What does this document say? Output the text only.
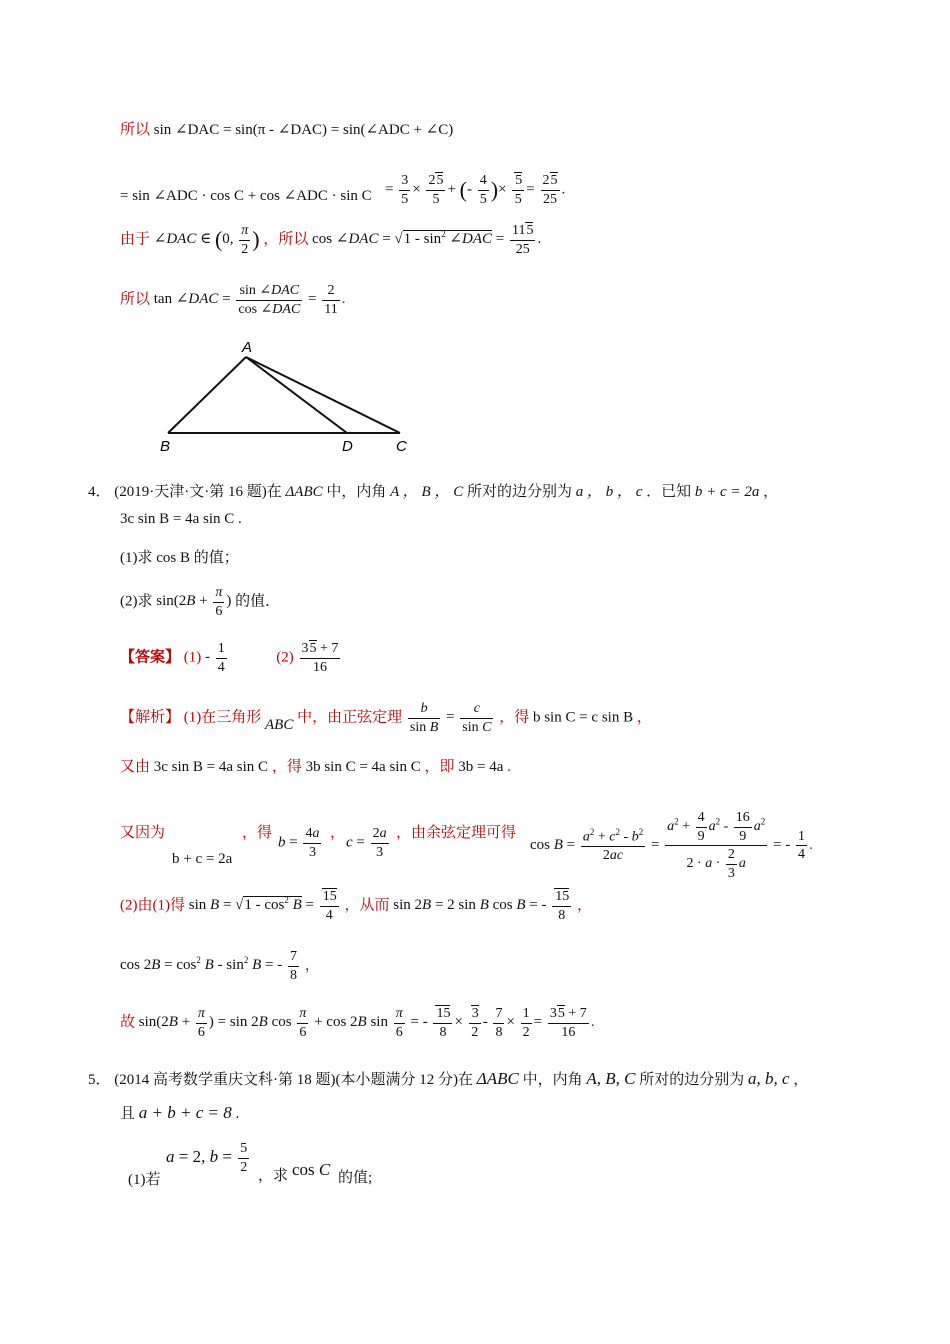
所以 sin ∠DAC = sin(π - ∠DAC) = sin(∠ADC + ∠C)
= sin ∠ADC · cos C + cos ∠ADC · $\sin C = \frac{3}{5} \times \frac{25}{5}$ + (- $\frac{4}{5}$ )× $\frac{5}{5} = \frac{25}{25}$ .
由于 ∠DAC ∈ (0, $\frac{\pi}{2}$ ) ，所以 cos ∠DAC = $√1 - \sin^2$ ∠DAC = $\frac{115}{25}$ .
所以 tan ∠DAC = $\frac{\text{sin ∠DAC}}{\text{cos ∠DAC}} = \frac{2}{11}$ .
A
B	D	C
4． (2019·天津·文·第 16 题)在 ΔABC 中，内角 A ， B ， C 所对的边分别为 a ， b ， c ．已知 b + c = 2a ，
3c sin B = 4a sin C .
(1)求 cos B 的值；
(2)求 $\sin(2B + \frac{\pi}{6}$ ) 的值．
【答案】 $(1) - \frac{1}{4}$	$(2) \frac{35 + 7}{16}$
【解析】 (1)在三角形 ABC 中，由正弦定理 $\frac{b}{\text{sin B}} = \frac{c}{\text{sin C}}$ ，得 b sin C = c sin B ，
又由 3c sin B = 4a sin C ，得 3b sin C = 4a sin C ，即 3b = 4a .
又因为
b + c = 2a
，得
$b = \frac{4a}{3}$ ，
$c = \frac{2a}{3}$ ，由余弦定理可得
$\cos B = \frac{a^2 + c^2 - b^2}{2ac} = \frac{a^2 + \frac{4}{9} a^2 - \frac{16}{9} a^2}{2 \cdot a \cdot \frac{2}{3} a}$ = - $\frac{1}{4}$ .
(2)由(1)得 $\sin B = √1 - \cos^2 B = \frac{15}{4}$ ，从而 sin 2B = 2 sin B cos B = - $\frac{15}{8}$ ，
$\cos 2B = \cos^2 B - \sin^2 B$ = - $\frac{7}{8}$ ，
故 $\sin(2B + \frac{\pi}{6}$ ) = sin 2B $\cos \frac{\pi}{6} + \cos 2B$ $\sin \frac{\pi}{6}$ = - $\frac{15}{8} \times \frac{3}{2} - \frac{7}{8} \times \frac{1}{2} = \frac{35 + 7}{16}$ .
5． (2014 高考数学重庆文科·第 18 题)(本小题满分 12 分)在 ΔABC 中，内角 A, B, C 所对的边分别为 a, b, c ，
且 a + b + c = 8 .
(1)若
a = 2, $b = \frac{5}{2}$ ，求 cos C 的值;
